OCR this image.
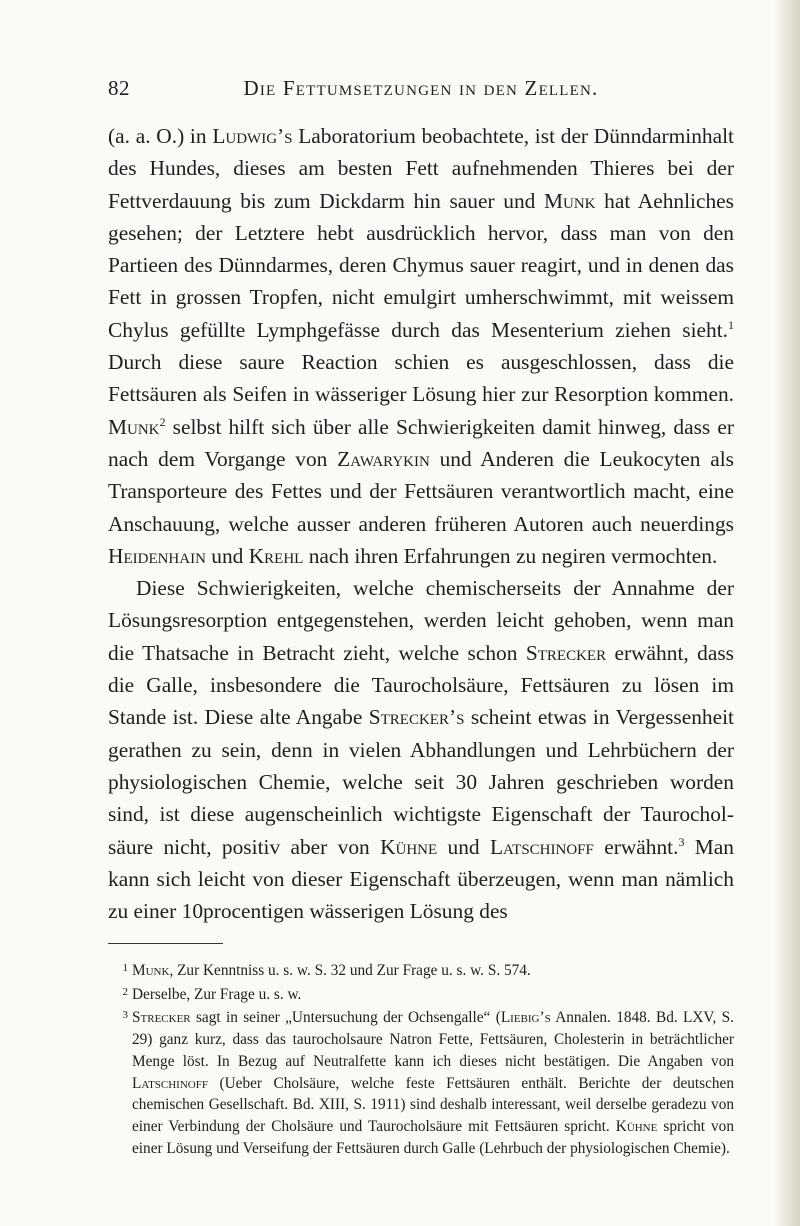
82	Die Fettumsetzungen in den Zellen.

(a. a. O.) in Ludwig’s Laboratorium beobachtete, ist der Dünndarminhalt des Hundes, dieses am besten Fett aufnehmenden Thieres bei der Fettverdauung bis zum Dickdarm hin sauer und Munk hat Aehnliches gesehen; der Letztere hebt ausdrücklich hervor, dass man von den Partieen des Dünndarmes, deren Chymus sauer reagirt, und in denen das Fett in grossen Tropfen, nicht emulgirt umherschwimmt, mit weissem Chylus gefüllte Lymphgefässe durch das Mesenterium ziehen sieht.$^1$ Durch diese saure Reaction schien es ausgeschlossen, dass die Fettsäuren als Seifen in wässeriger Lösung hier zur Resorption kommen. Munk$^2$ selbst hilft sich über alle Schwierigkeiten damit hinweg, dass er nach dem Vorgange von Zawarykin und Anderen die Leukocyten als Transporteure des Fettes und der Fettsäuren verantwortlich macht, eine Anschauung, welche ausser anderen früheren Autoren auch neuerdings Heidenhain und Krehl nach ihren Erfahrungen zu negiren vermochten.

Diese Schwierigkeiten, welche chemischerseits der Annahme der Lösungsresorption entgegenstehen, werden leicht gehoben, wenn man die Thatsache in Betracht zieht, welche schon Strecker erwähnt, dass die Galle, insbesondere die Taurocholsäure, Fettsäuren zu lösen im Stande ist. Diese alte Angabe Strecker’s scheint etwas in Vergessenheit gerathen zu sein, denn in vielen Abhandlungen und Lehrbüchern der physiologischen Chemie, welche seit 30 Jahren geschrieben worden sind, ist diese augenscheinlich wichtigste Eigenschaft der Taurocholsäure nicht, positiv aber von Kühne und Latschinoff erwähnt.$^3$ Man kann sich leicht von dieser Eigenschaft überzeugen, wenn man nämlich zu einer 10procentigen wässerigen Lösung des

1 Munk, Zur Kenntniss u. s. w. S. 32 und Zur Frage u. s. w. S. 574.

2 Derselbe, Zur Frage u. s. w.

3 Strecker sagt in seiner „Untersuchung der Ochsengalle“ (Liebig’s Annalen. 1848. Bd. LXV, S. 29) ganz kurz, dass das taurocholsaure Natron Fette, Fettsäuren, Cholesterin in beträchtlicher Menge löst. In Bezug auf Neutralfette kann ich dieses nicht bestätigen. Die Angaben von Latschinoff (Ueber Cholsäure, welche feste Fettsäuren enthält. Berichte der deutschen chemischen Gesellschaft. Bd. XIII, S. 1911) sind deshalb interessant, weil derselbe geradezu von einer Verbindung der Cholsäure und Taurocholsäure mit Fettsäuren spricht. Kühne spricht von einer Lösung und Verseifung der Fettsäuren durch Galle (Lehrbuch der physiologischen Chemie).
